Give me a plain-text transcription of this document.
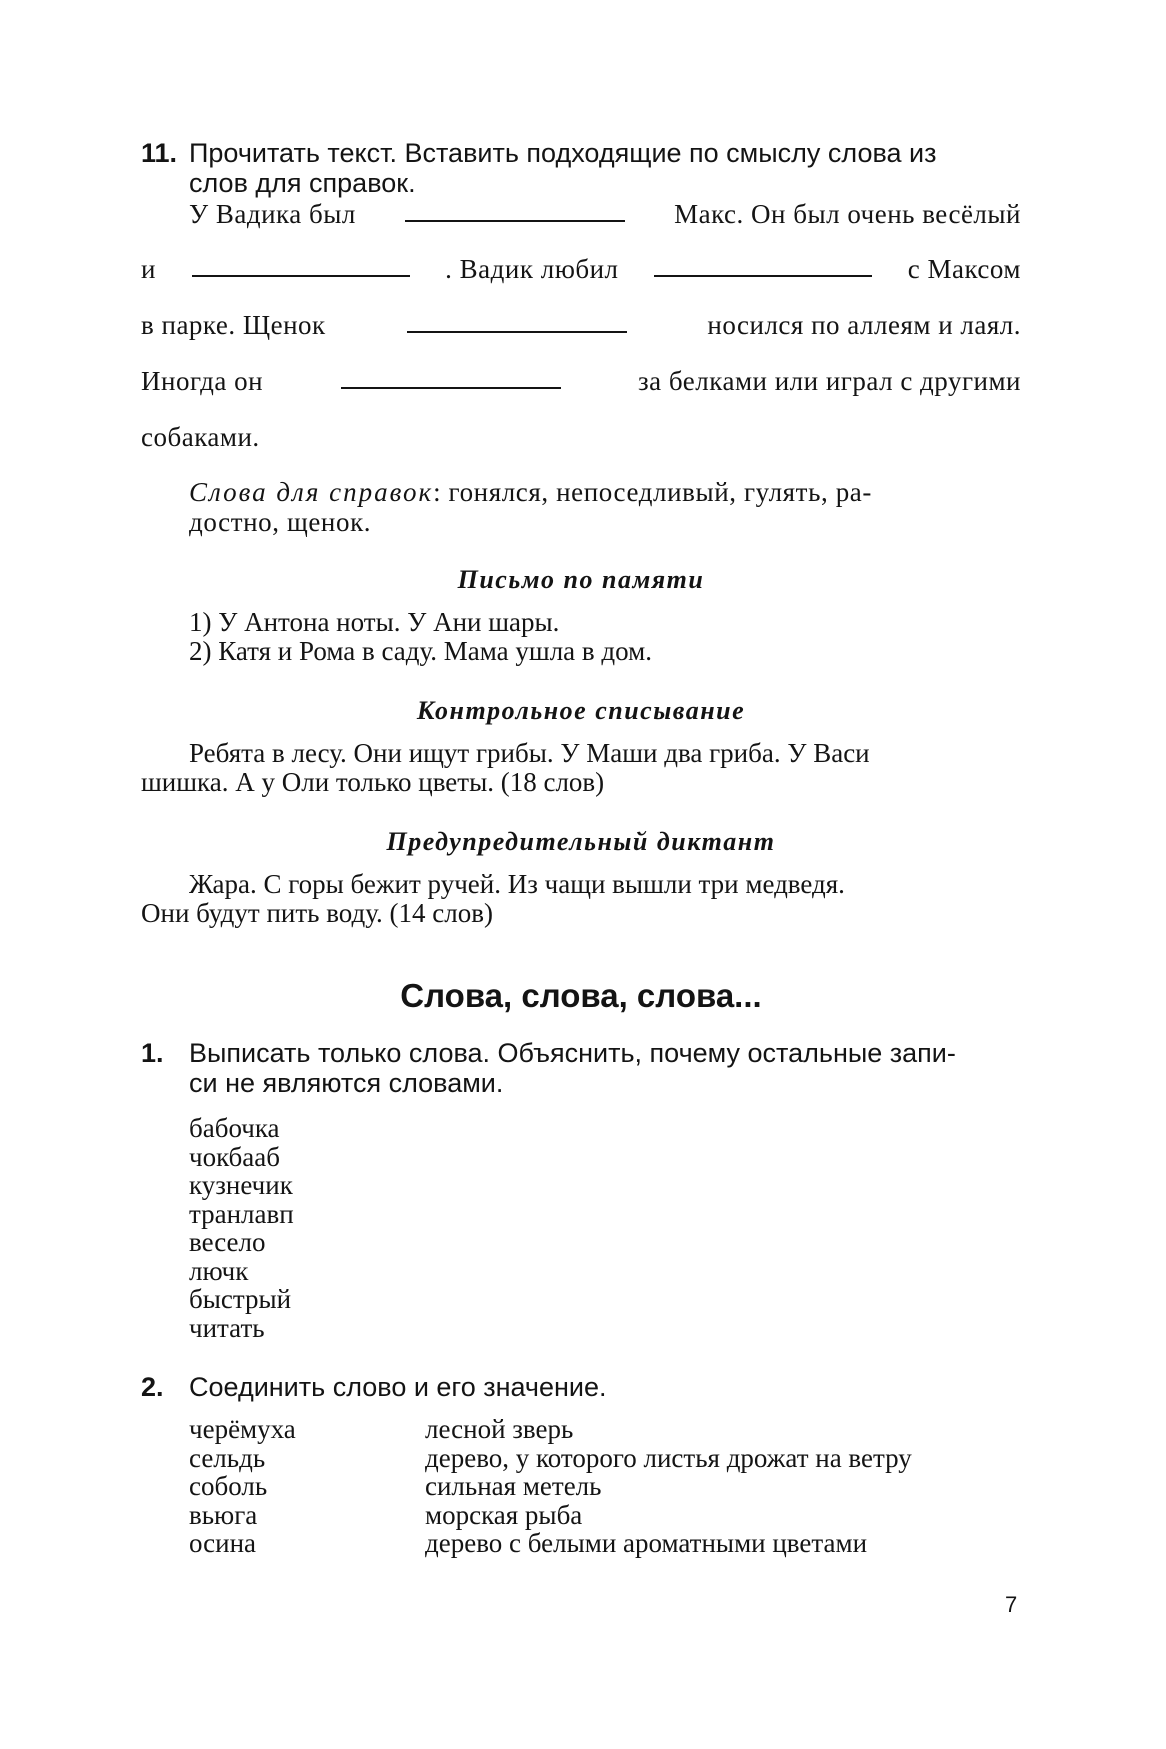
11. Прочитать текст. Вставить подходящие по смыслу слова из
слов для справок.
У Вадика был	Макс. Он был очень весёлый
и	. Вадик любил	с Максом
в парке. Щенок	носился по аллеям и лаял.
Иногда он	за белками или играл с другими
собаками.
Слова для справок: гонялся, непоседливый, гулять, ра-
достно, щенок.
Письмо по памяти
1) У Антона ноты. У Ани шары.
2) Катя и Рома в саду. Мама ушла в дом.
Контрольное списывание
Ребята в лесу. Они ищут грибы. У Маши два гриба. У Васи
шишка. А у Оли только цветы. (18 слов)
Предупредительный диктант
Жара. С горы бежит ручей. Из чащи вышли три медведя.
Они будут пить воду. (14 слов)
Слова, слова, слова...
1. Выписать только слова. Объяснить, почему остальные запи-
си не являются словами.
бабочка
чокбааб
кузнечик
транлавп
весело
лючк
быстрый
читать
2. Соединить слово и его значение.
черёмуха	лесной зверь
сельдь	дерево, у которого листья дрожат на ветру
соболь	сильная метель
вьюга	морская рыба
осина	дерево с белыми ароматными цветами
7
